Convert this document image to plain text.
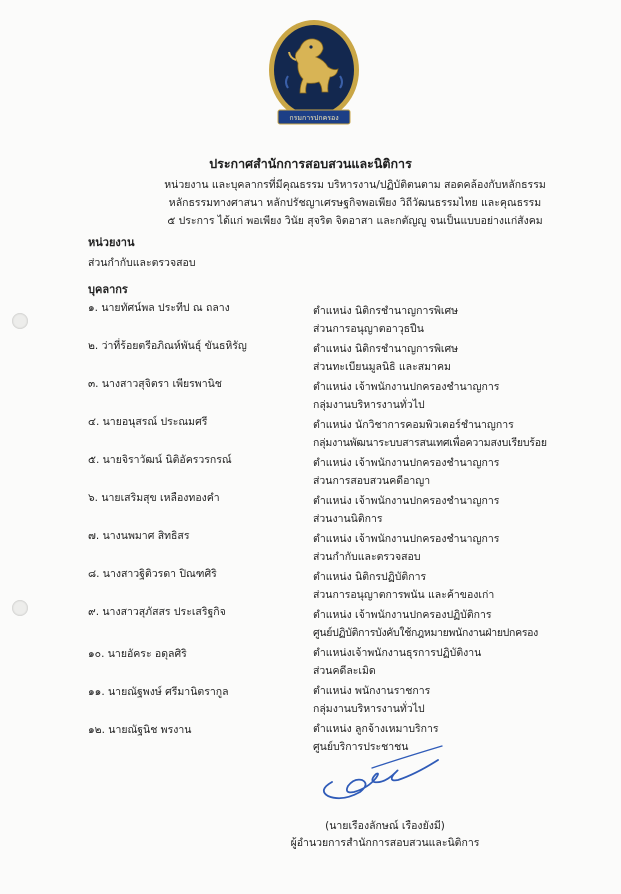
กรมการปกครอง
ประกาศสำนักการสอบสวนและนิติการ
หน่วยงาน และบุคลากรที่มีคุณธรรม บริหารงาน/ปฏิบัติตนตาม สอดคล้องกับหลักธรรม
หลักธรรมทางศาสนา หลักปรัชญาเศรษฐกิจพอเพียง วิถีวัฒนธรรมไทย และคุณธรรม
๕ ประการ ได้แก่ พอเพียง วินัย สุจริต จิตอาสา และกตัญญู จนเป็นแบบอย่างแก่สังคม
หน่วยงาน
ส่วนกำกับและตรวจสอบ
บุคลากร
๑. นายทัศน์พล ประทีป ณ ถลาง	ตำแหน่ง นิติกรชำนาญการพิเศษ
ส่วนการอนุญาตอาวุธปืน
๒. ว่าที่ร้อยตรีอภิณห์พันธุ์ ขันธหิรัญ	ตำแหน่ง นิติกรชำนาญการพิเศษ
ส่วนทะเบียนมูลนิธิ และสมาคม
๓. นางสาวสุจิตรา เพียรพานิช	ตำแหน่ง เจ้าพนักงานปกครองชำนาญการ
กลุ่มงานบริหารงานทั่วไป
๔. นายอนุสรณ์ ประณมศรี	ตำแหน่ง นักวิชาการคอมพิวเตอร์ชำนาญการ
กลุ่มงานพัฒนาระบบสารสนเทศเพื่อความสงบเรียบร้อย
๕. นายจิราวัฒน์ นิติอัครวรกรณ์	ตำแหน่ง เจ้าพนักงานปกครองชำนาญการ
ส่วนการสอบสวนคดีอาญา
๖. นายเสริมสุข เหลืองทองคำ	ตำแหน่ง เจ้าพนักงานปกครองชำนาญการ
ส่วนงานนิติการ
๗. นางนพมาศ สิทธิสร	ตำแหน่ง เจ้าพนักงานปกครองชำนาญการ
ส่วนกำกับและตรวจสอบ
๘. นางสาวฐิติวรดา ปิณฑศิริ	ตำแหน่ง นิติกรปฏิบัติการ
ส่วนการอนุญาตการพนัน และค้าของเก่า
๙. นางสาวสุภัสสร ประเสริฐกิจ	ตำแหน่ง เจ้าพนักงานปกครองปฏิบัติการ
ศูนย์ปฏิบัติการบังคับใช้กฎหมายพนักงานฝ่ายปกครอง
๑๐. นายอัคระ อดุลศิริ	ตำแหน่งเจ้าพนักงานธุรการปฏิบัติงาน
ส่วนคดีละเมิด
๑๑. นายณัฐพงษ์ ศรีมานิตรากูล	ตำแหน่ง พนักงานราชการ
กลุ่มงานบริหารงานทั่วไป
๑๒. นายณัฐนิช พรงาน	ตำแหน่ง ลูกจ้างเหมาบริการ
ศูนย์บริการประชาชน
(นายเรืองลักษณ์ เรืองยังมี)
ผู้อำนวยการสำนักการสอบสวนและนิติการ
